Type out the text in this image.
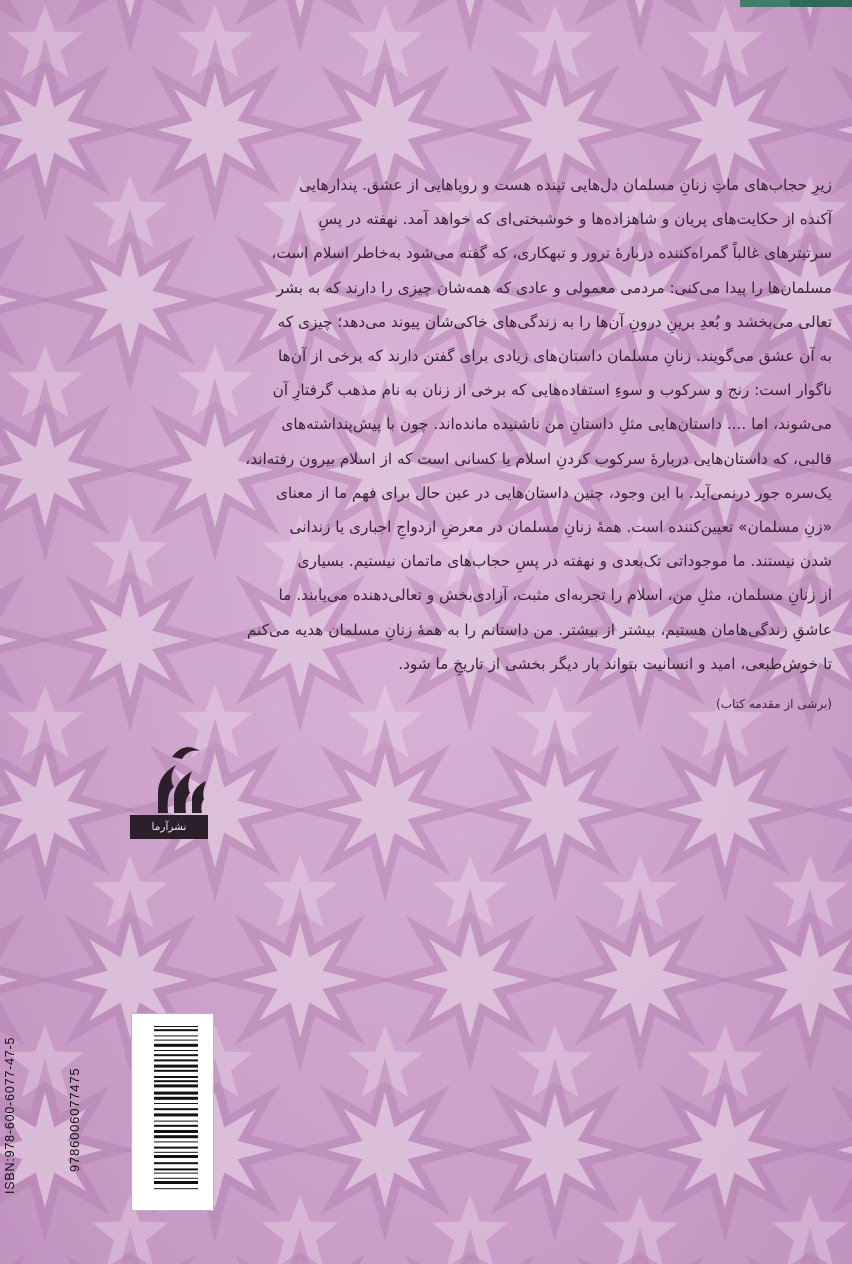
زیرِ حجاب‌های ماتِ زنانِ مسلمان دل‌هایی تپنده هست و رویاهایی از عشق. پندارهایی

آکنده از حکایت‌های پریان و شاهزاده‌ها و خوشبختی‌ای که خواهد آمد. نهفته در پسِ

سرتیترهای غالباً گمراه‌کننده دربارهٔ ترور و تبهکاری، که گفته می‌شود به‌خاطر اسلام است،

مسلمان‌ها را پیدا می‌کنی: مردمی معمولی و عادی که همه‌شان چیزی را دارند که به بشر

تعالی می‌بخشد و بُعدِ برینِ درونِ آن‌ها را به زندگی‌های خاکی‌شان پیوند می‌دهد؛ چیزی که

به آن عشق می‌گویند. زنانِ مسلمان داستان‌های زیادی برای گفتن دارند که برخی از آن‌ها

ناگوار است: رنج و سرکوب و سوءِ استفاده‌هایی که برخی از زنان به نام مذهب گرفتارِ آن

می‌شوند، اما .... داستان‌هایی مثلِ داستانِ من ناشنیده مانده‌اند. چون با پیش‌پنداشته‌های

قالبی، که داستان‌هایی دربارهٔ سرکوب کردنِ اسلام یا کسانی است که از اسلام بیرون رفته‌اند،

یک‌سره جور درنمی‌آید. با این وجود، چنین داستان‌هایی در عین حال برای فهم ما از معنای

«زنِ مسلمان» تعیین‌کننده است. همهٔ زنانِ مسلمان در معرضِ ازدواجِ اجباری یا زندانی

شدن نیستند. ما موجوداتی تک‌بعدی و نهفته در پسِ حجاب‌های ماتمان نیستیم. بسیاری

از زنانِ مسلمان، مثلِ من، اسلام را تجربه‌ای مثبت، آزادی‌بخش و تعالی‌دهنده می‌یابند. ما

عاشقِ زندگی‌هامان هستیم، بیشتر از بیشتر. من داستانم را به همهٔ زنانِ مسلمان هدیه می‌کنم

تا خوش‌طبعی، امید و انسانیت بتواند بار دیگر بخشی از تاریخِ ما شود.

(برشی از مقدمه کتاب)
نشرآرما
ISBN:978-600-6077-47-5	9786006077475
